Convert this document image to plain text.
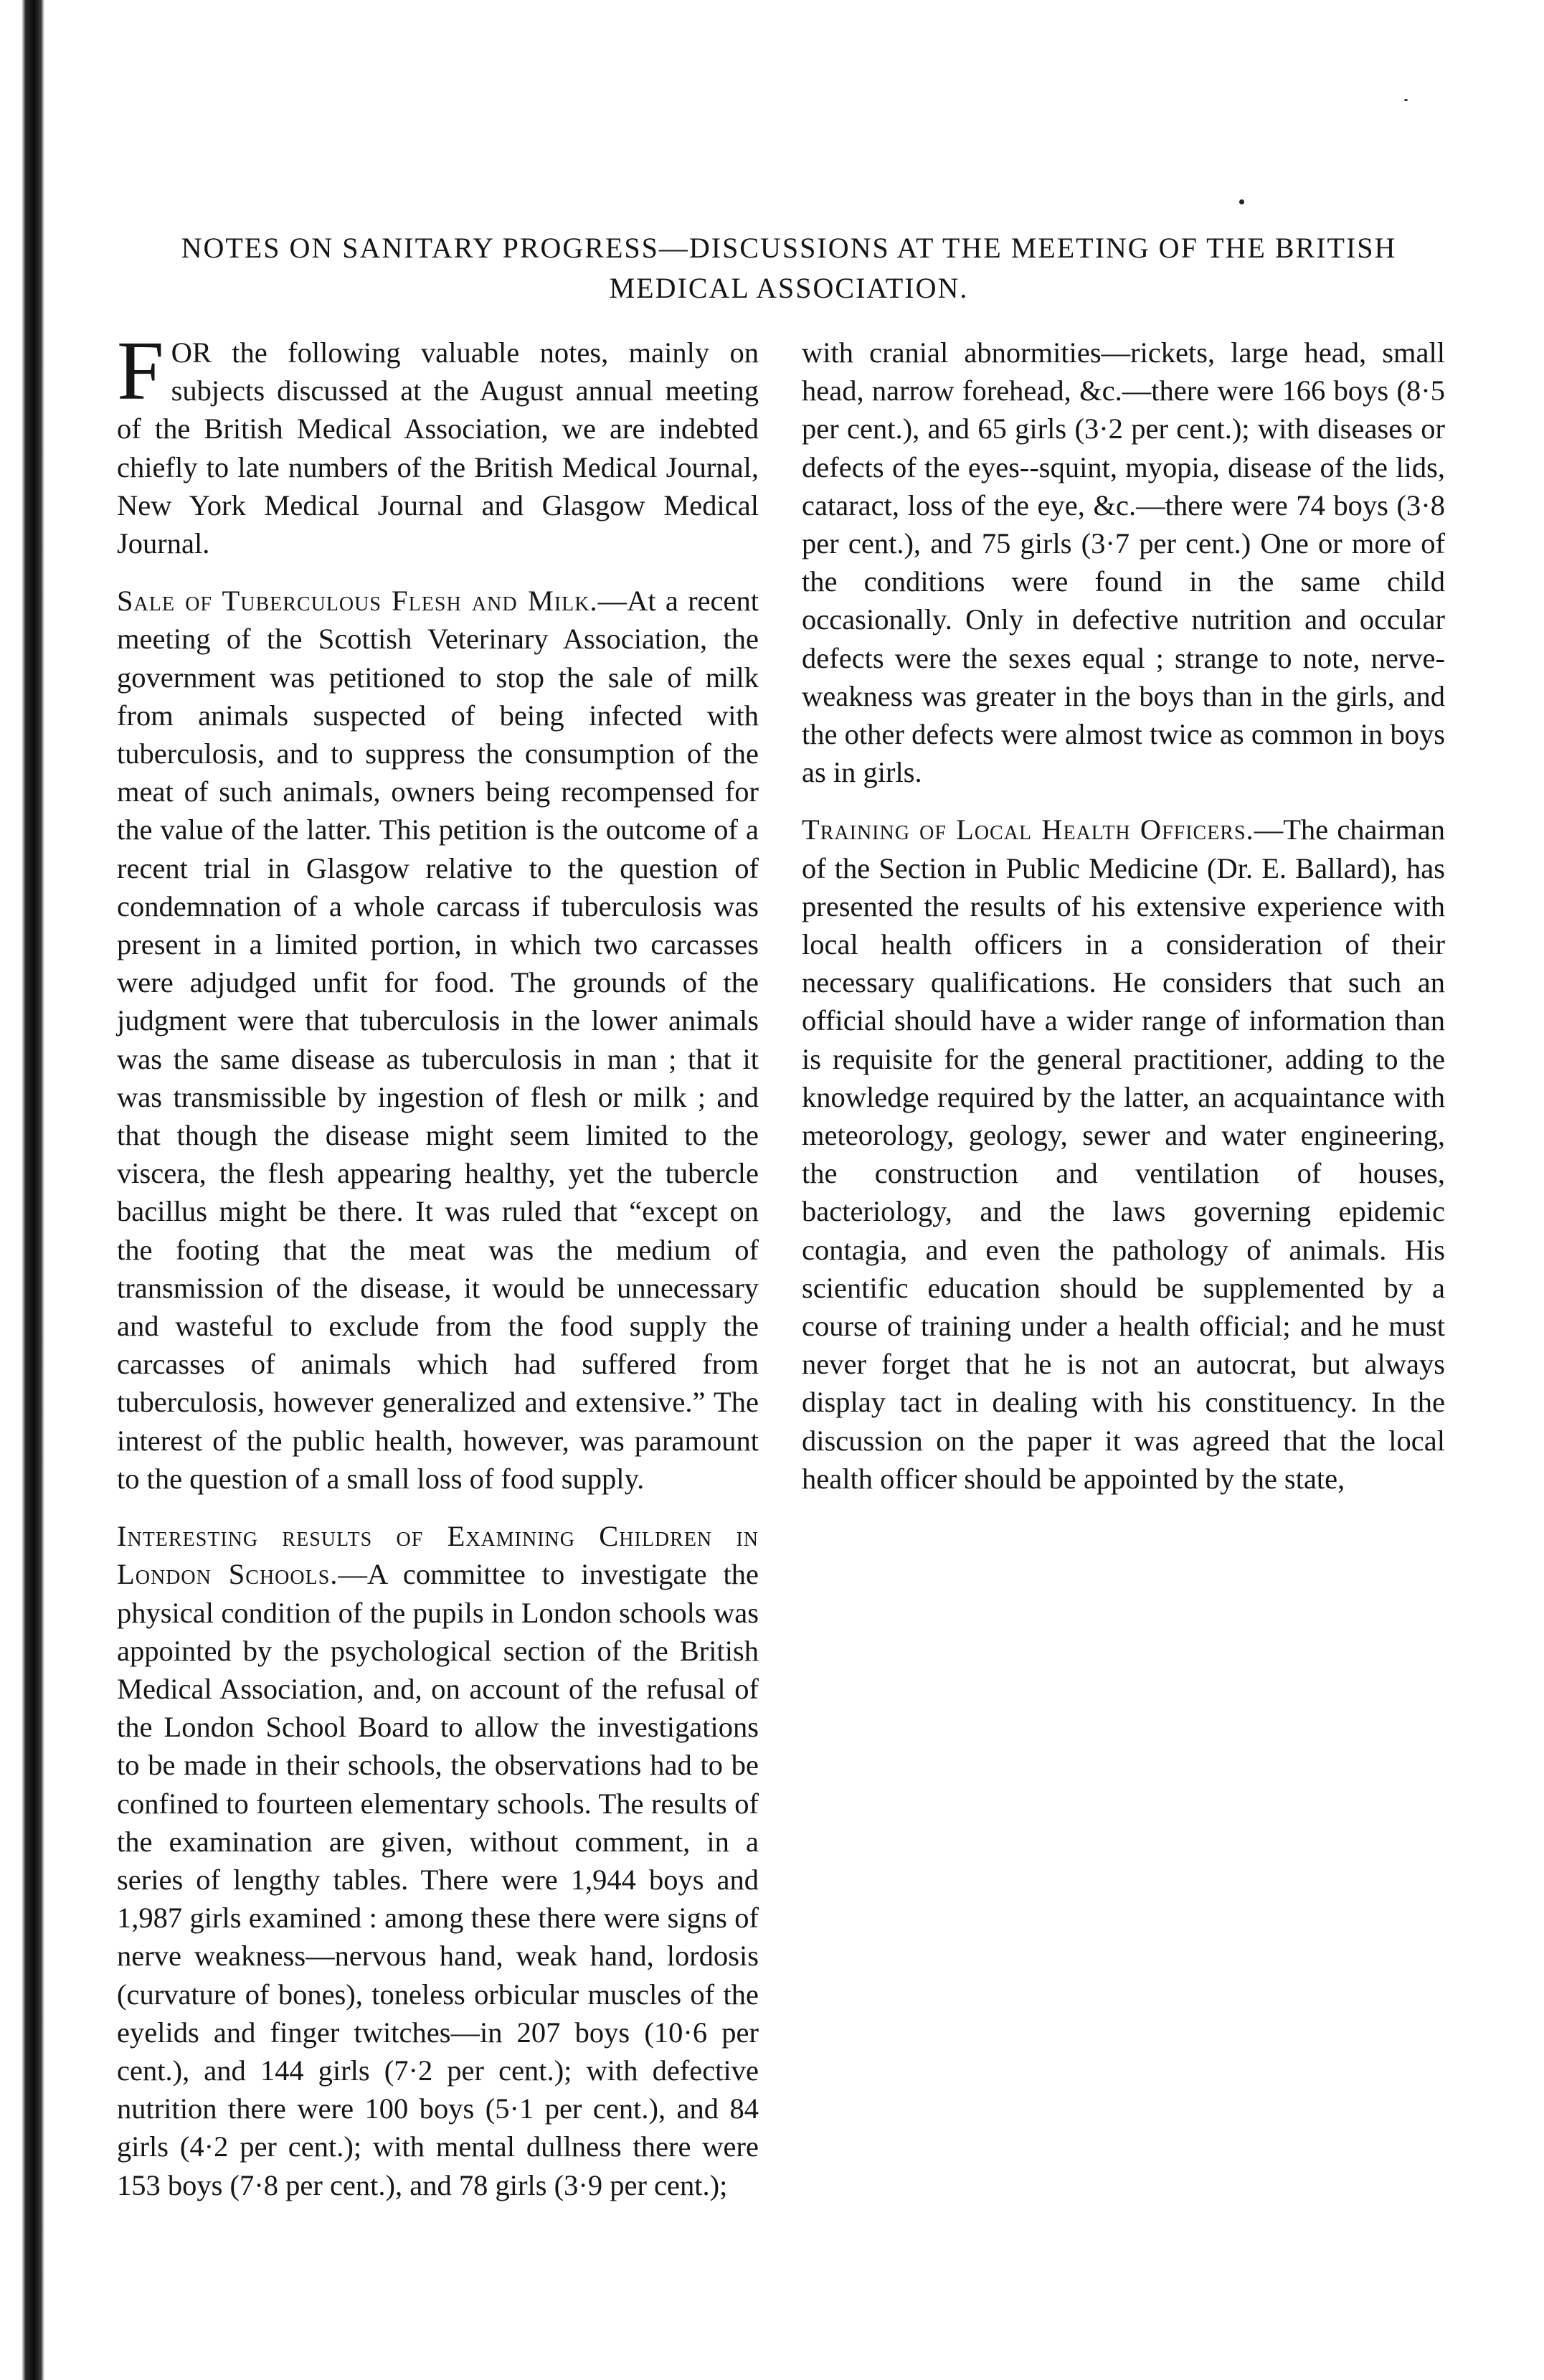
NOTES ON SANITARY PROGRESS—DISCUSSIONS AT THE MEETING OF THE BRITISH MEDICAL ASSOCIATION.

FOR the following valuable notes, mainly on subjects discussed at the August annual meeting of the British Medical Association, we are indebted chiefly to late numbers of the British Medical Journal, New York Medical Journal and Glasgow Medical Journal.

Sale of Tuberculous Flesh and Milk.—At a recent meeting of the Scottish Veterinary Association, the government was petitioned to stop the sale of milk from animals suspected of being infected with tuberculosis, and to suppress the consumption of the meat of such animals, owners being recompensed for the value of the latter. This petition is the outcome of a recent trial in Glasgow relative to the question of condemnation of a whole carcass if tuberculosis was present in a limited portion, in which two carcasses were adjudged unfit for food. The grounds of the judgment were that tuberculosis in the lower animals was the same disease as tuberculosis in man ; that it was transmissible by ingestion of flesh or milk ; and that though the disease might seem limited to the viscera, the flesh appearing healthy, yet the tubercle bacillus might be there. It was ruled that “except on the footing that the meat was the medium of transmission of the disease, it would be unnecessary and wasteful to exclude from the food supply the carcasses of animals which had suffered from tuberculosis, however generalized and extensive.” The interest of the public health, however, was paramount to the question of a small loss of food supply.

Interesting results of Examining Children in London Schools.—A committee to investigate the physical condition of the pupils in London schools was appointed by the psychological section of the British Medical Association, and, on account of the refusal of the London School Board to allow the investigations to be made in their schools, the observations had to be confined to fourteen elementary schools. The results of the examination are given, without comment, in a series of lengthy tables. There were 1,944 boys and 1,987 girls examined : among these there were signs of nerve weakness—nervous hand, weak hand, lordosis (curvature of bones), toneless orbicular muscles of the eyelids and finger twitches—in 207 boys (10·6 per cent.), and 144 girls (7·2 per cent.); with defective nutrition there were 100 boys (5·1 per cent.), and 84 girls (4·2 per cent.); with mental dullness there were 153 boys (7·8 per cent.), and 78 girls (3·9 per cent.);

with cranial abnormities—rickets, large head, small head, narrow forehead, &c.—there were 166 boys (8·5 per cent.), and 65 girls (3·2 per cent.); with diseases or defects of the eyes--squint, myopia, disease of the lids, cataract, loss of the eye, &c.—there were 74 boys (3·8 per cent.), and 75 girls (3·7 per cent.) One or more of the conditions were found in the same child occasionally. Only in defective nutrition and occular defects were the sexes equal ; strange to note, nerve-weakness was greater in the boys than in the girls, and the other defects were almost twice as common in boys as in girls.

Training of Local Health Officers.—The chairman of the Section in Public Medicine (Dr. E. Ballard), has presented the results of his extensive experience with local health officers in a consideration of their necessary qualifications. He considers that such an official should have a wider range of information than is requisite for the general practitioner, adding to the knowledge required by the latter, an acquaintance with meteorology, geology, sewer and water engineering, the construction and ventilation of houses, bacteriology, and the laws governing epidemic contagia, and even the pathology of animals. His scientific education should be supplemented by a course of training under a health official; and he must never forget that he is not an autocrat, but always display tact in dealing with his constituency. In the discussion on the paper it was agreed that the local health officer should be appointed by the state,
